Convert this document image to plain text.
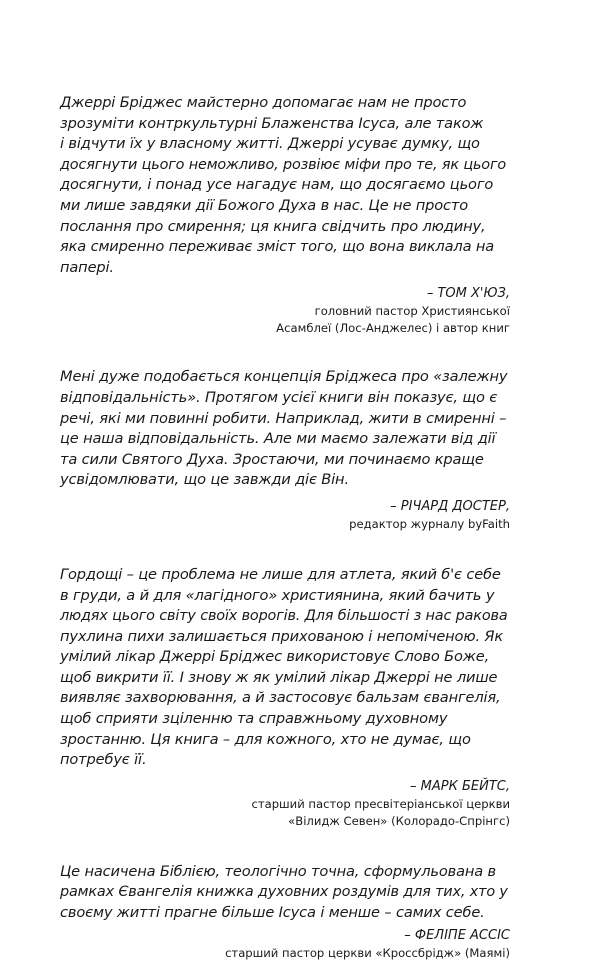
Джеррі Бріджес майстерно допомагає нам не просто
зрозуміти контркультурні Блаженства Ісуса, але також
і відчути їх у власному житті. Джеррі усуває думку, що
досягнути цього неможливо, розвіює міфи про те, як цього
досягнути, і понад усе нагадує нам, що досягаємо цього
ми лише завдяки дії Божого Духа в нас. Це не просто
послання про смирення; ця книга свідчить про людину,
яка смиренно переживає зміст того, що вона виклала на
папері.

– ТОМ Х'ЮЗ,
головний пастор Християнської
Асамблеї (Лос-Анджелес) і автор книг

Мені дуже подобається концепція Бріджеса про «залежну
відповідальність». Протягом усієї книги він показує, що є
речі, які ми повинні робити. Наприклад, жити в смиренні –
це наша відповідальність. Але ми маємо залежати від дії
та сили Святого Духа. Зростаючи, ми починаємо краще
усвідомлювати, що це завжди діє Він.

– РІЧАРД ДОСТЕР,
редактор журналу byFaith

Гордощі – це проблема не лише для атлета, який б'є себе
в груди, а й для «лагідного» християнина, який бачить у
людях цього світу своїх ворогів. Для більшості з нас ракова
пухлина пихи залишається прихованою і непоміченою. Як
умілий лікар Джеррі Бріджес використовує Слово Боже,
щоб викрити її. І знову ж як умілий лікар Джеррі не лише
виявляє захворювання, а й застосовує бальзам євангелія,
щоб сприяти зціленню та справжньому духовному
зростанню. Ця книга – для кожного, хто не думає, що
потребує її.

– МАРК БЕЙТС,
старший пастор пресвітеріанської церкви
«Вілидж Севен» (Колорадо-Спрінгс)

Це насичена Біблією, теологічно точна, сформульована в
рамках Євангелія книжка духовних роздумів для тих, хто у
своєму житті прагне більше Ісуса і менше – самих себе.

– ФЕЛІПЕ АССІС
старший пастор церкви «Кроссбрідж» (Маямі)
